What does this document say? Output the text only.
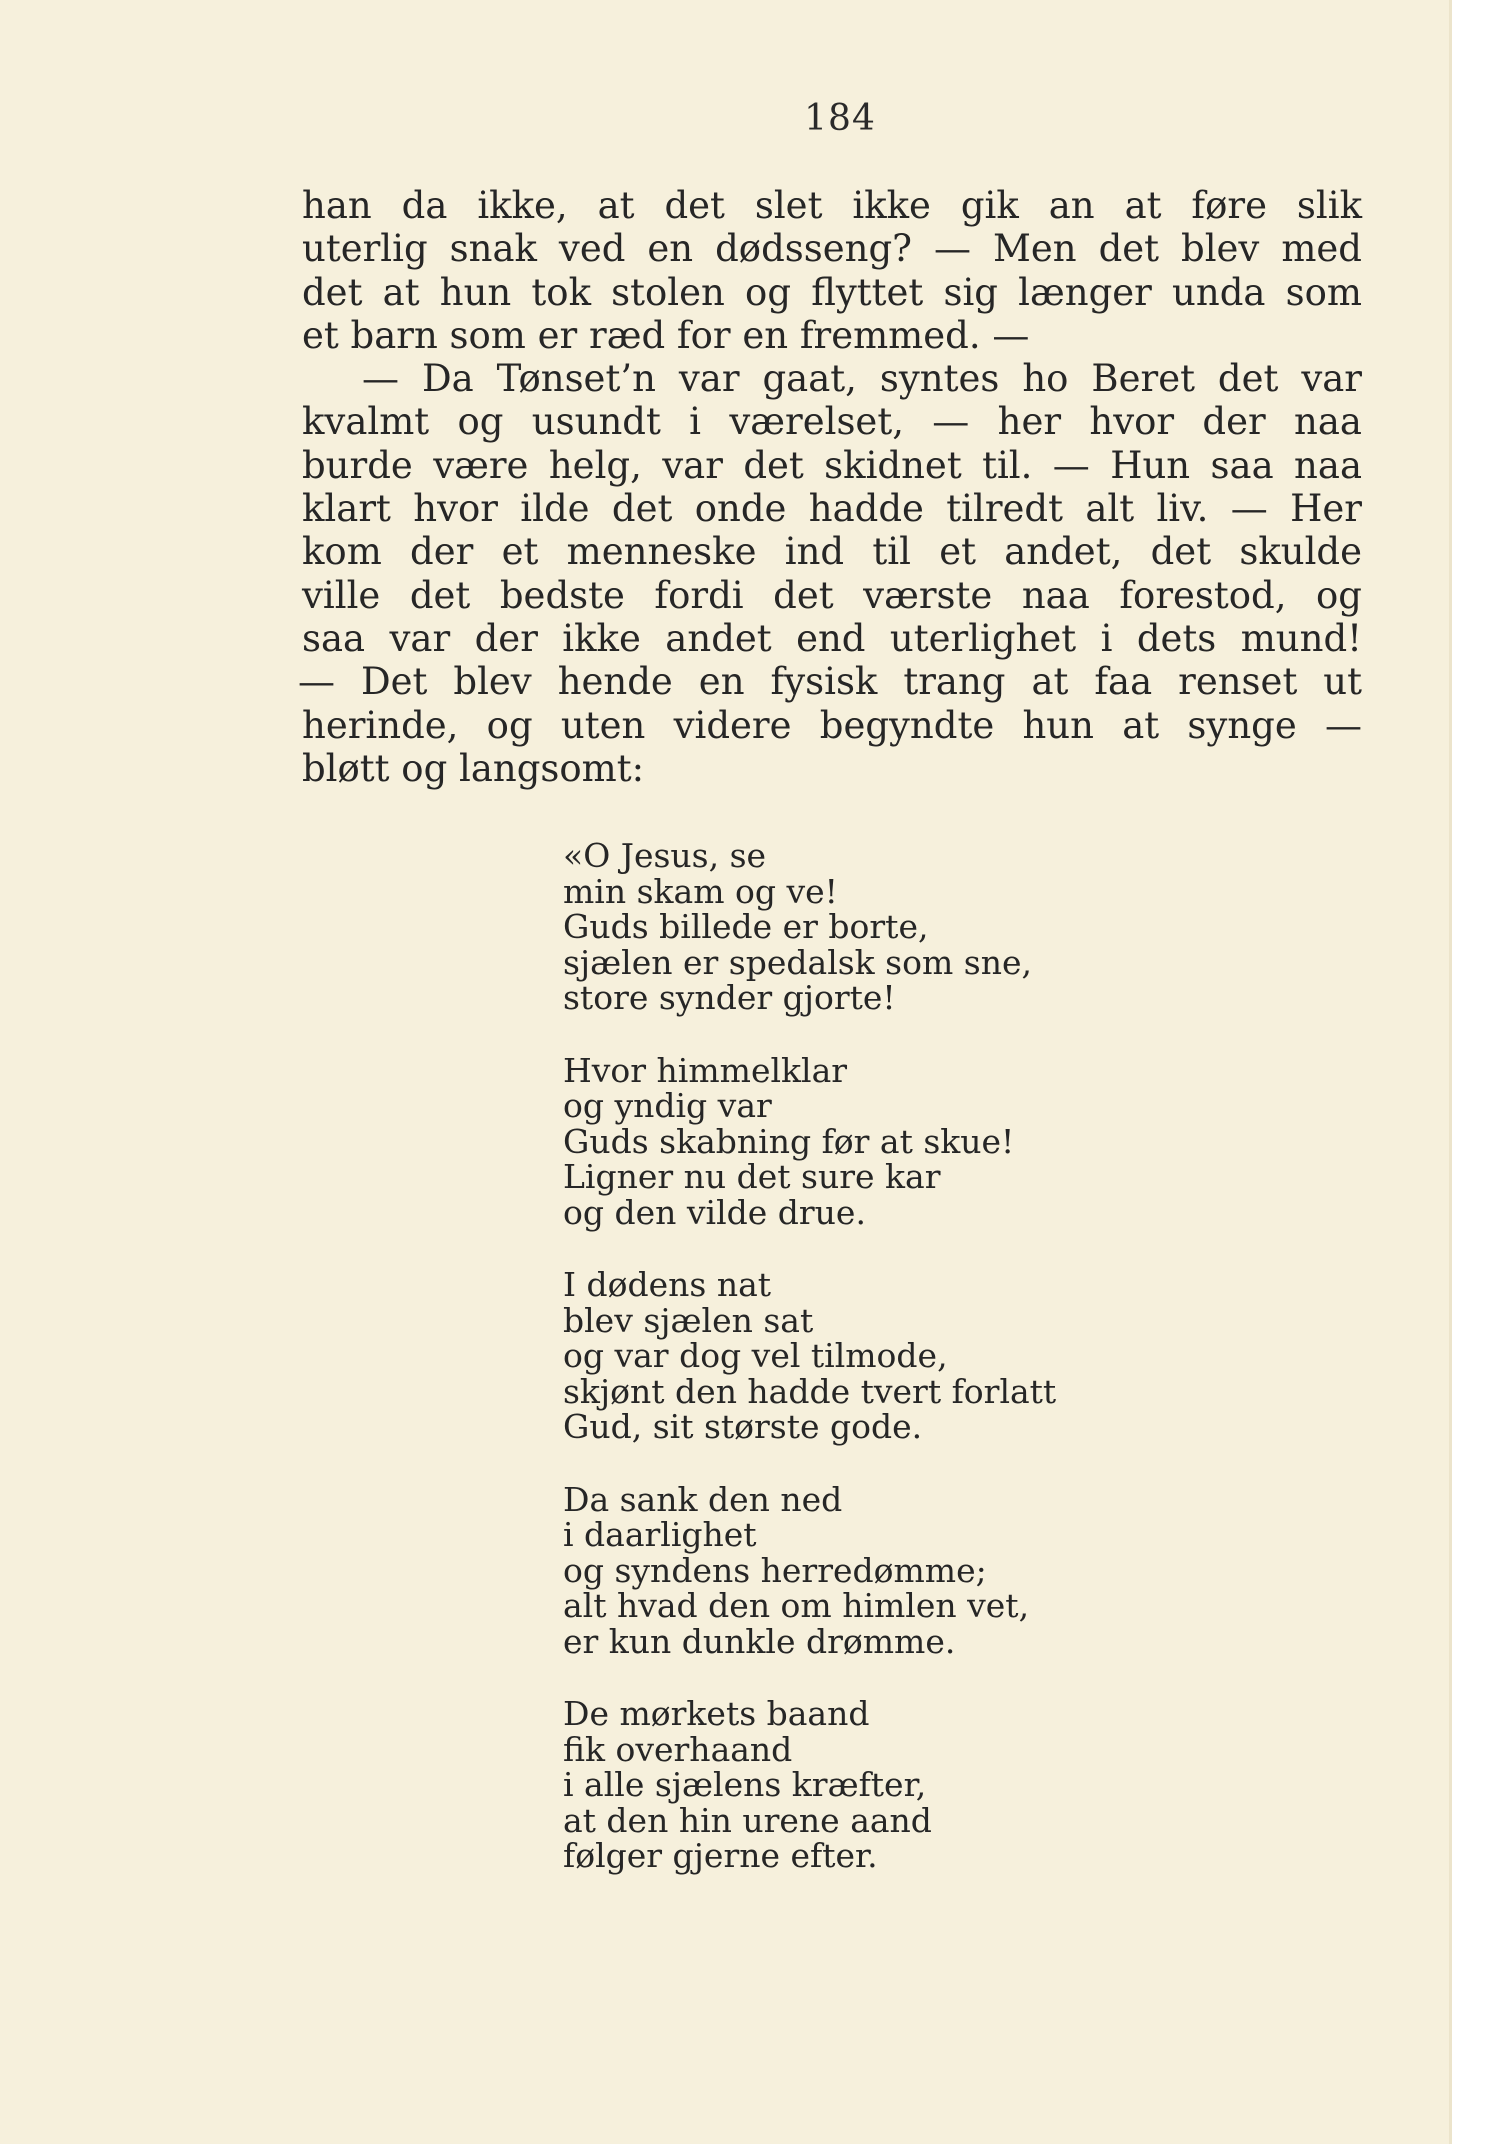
184
han da ikke, at det slet ikke gik an at føre slik
uterlig snak ved en dødsseng? — Men det blev med
det at hun tok stolen og flyttet sig længer unda som
et barn som er ræd for en fremmed. —
— Da Tønset’n var gaat, syntes ho Beret det var
kvalmt og usundt i værelset, — her hvor der naa
burde være helg, var det skidnet til. — Hun saa naa
klart hvor ilde det onde hadde tilredt alt liv. — Her
kom der et menneske ind til et andet, det skulde
ville det bedste fordi det værste naa forestod, og
saa var der ikke andet end uterlighet i dets mund!
— Det blev hende en fysisk trang at faa renset ut
herinde, og uten videre begyndte hun at synge —
bløtt og langsomt:
«O Jesus, se
min skam og ve!
Guds billede er borte,
sjælen er spedalsk som sne,
store synder gjorte!
Hvor himmelklar
og yndig var
Guds skabning før at skue!
Ligner nu det sure kar
og den vilde drue.
I dødens nat
blev sjælen sat
og var dog vel tilmode,
skjønt den hadde tvert forlatt
Gud, sit største gode.
Da sank den ned
i daarlighet
og syndens herredømme;
alt hvad den om himlen vet,
er kun dunkle drømme.
De mørkets baand
fik overhaand
i alle sjælens kræfter,
at den hin urene aand
følger gjerne efter.
